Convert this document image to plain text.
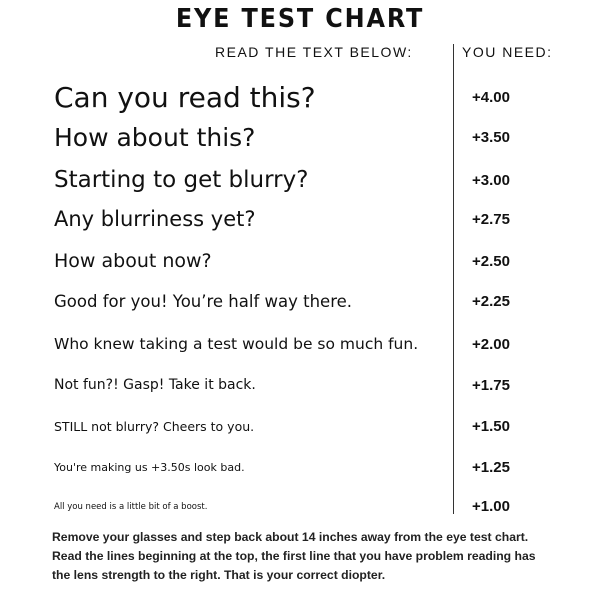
EYE TEST CHART
READ THE TEXT BELOW:	YOU NEED:
Can you read this?	+4.00
How about this?	+3.50
Starting to get blurry?	+3.00
Any blurriness yet?	+2.75
How about now?	+2.50
Good for you! You’re half way there.	+2.25
Who knew taking a test would be so much fun.	+2.00
Not fun?! Gasp! Take it back.	+1.75
STILL not blurry? Cheers to you.	+1.50
You're making us +3.50s look bad.	+1.25
All you need is a little bit of a boost.	+1.00
Remove your glasses and step back about 14 inches away from the eye test chart. Read the lines beginning at the top, the first line that you have problem reading has the lens strength to the right. That is your correct diopter.
